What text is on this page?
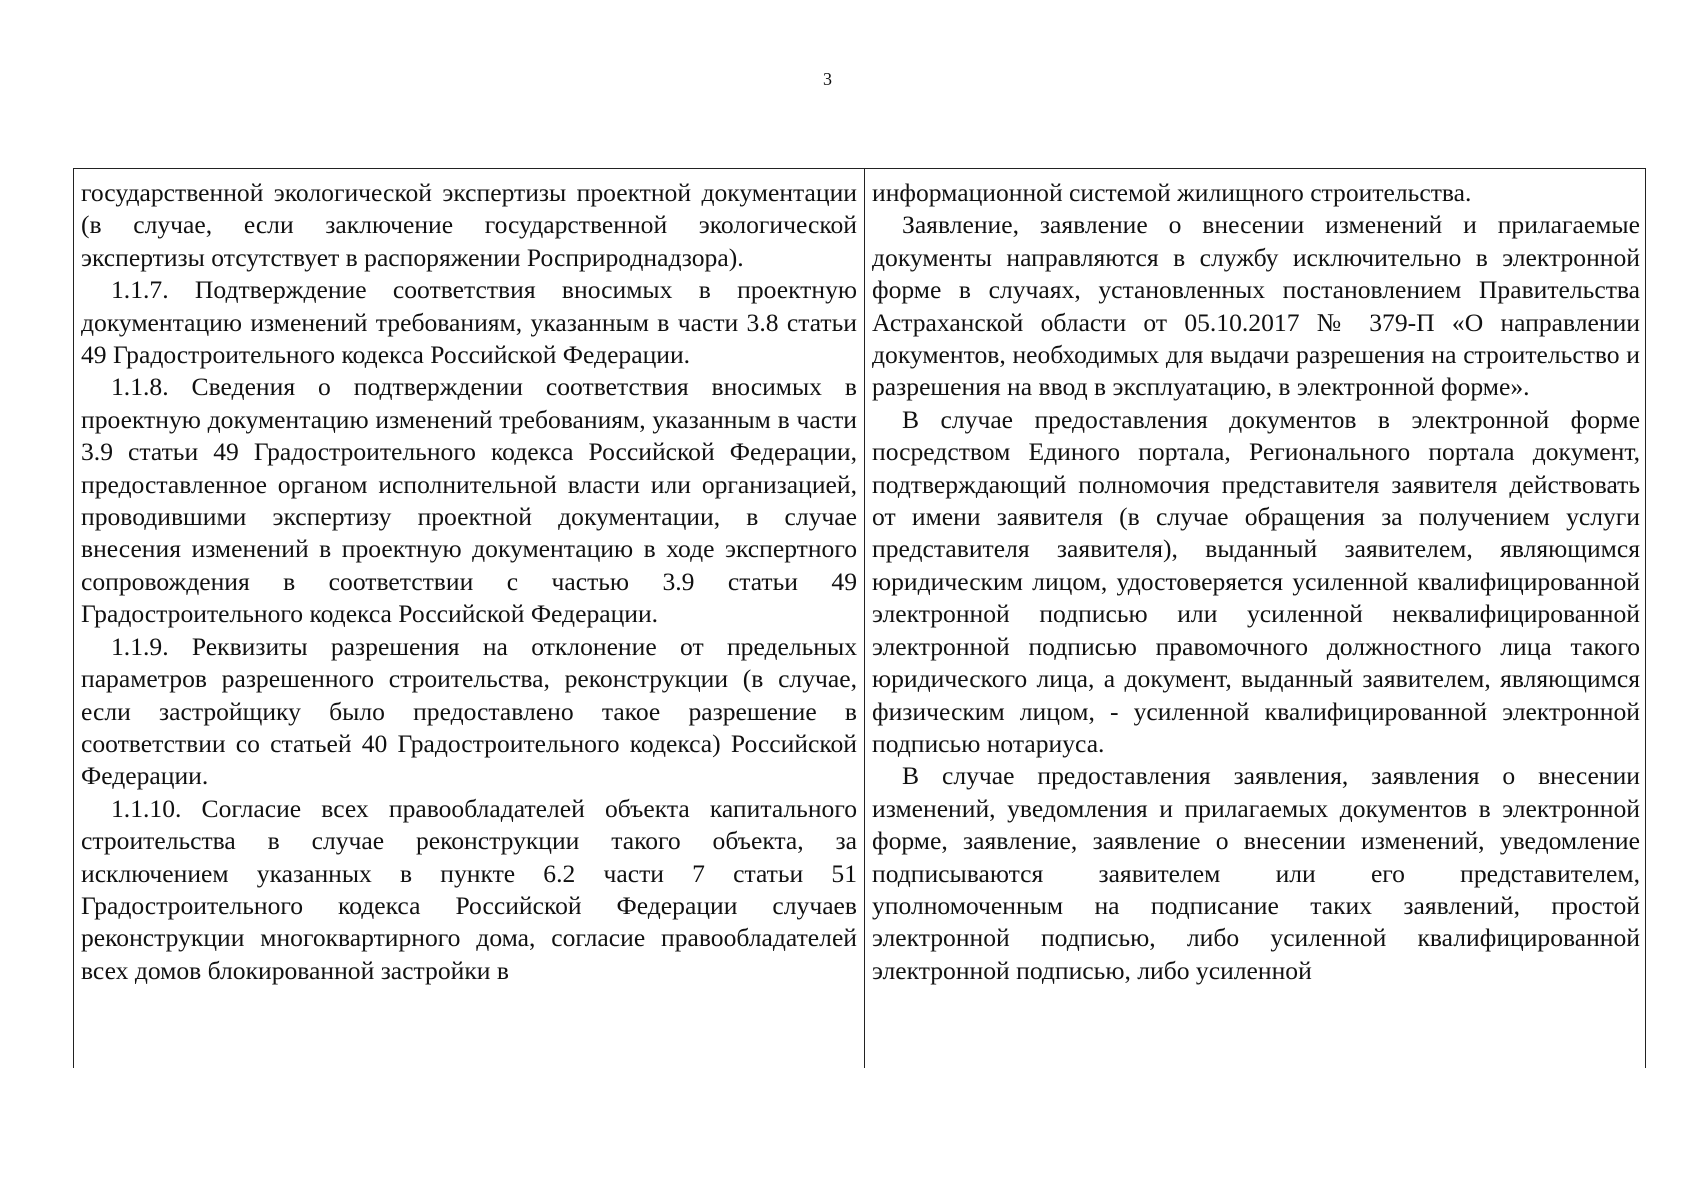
3

государственной экологической экспертизы проектной документации (в случае, если заключение государственной экологической экспертизы отсутствует в распоряжении Росприроднадзора).

1.1.7. Подтверждение соответствия вносимых в проектную документацию изменений требованиям, указанным в части 3.8 статьи 49 Градостроительного кодекса Российской Федерации.

1.1.8. Сведения о подтверждении соответствия вносимых в проектную документацию изменений требованиям, указанным в части 3.9 статьи 49 Градостроительного кодекса Российской Федерации, предоставленное органом исполнительной власти или организацией, проводившими экспертизу проектной документации, в случае внесения изменений в проектную документацию в ходе экспертного сопровождения в соответствии с частью 3.9 статьи 49 Градостроительного кодекса Российской Федерации.

1.1.9. Реквизиты разрешения на отклонение от предельных параметров разрешенного строительства, реконструкции (в случае, если застройщику было предоставлено такое разрешение в соответствии со статьей 40 Градостроительного кодекса) Российской Федерации.

1.1.10. Согласие всех правообладателей объекта капитального строительства в случае реконструкции такого объекта, за исключением указанных в пункте 6.2 части 7 статьи 51 Градостроительного кодекса Российской Федерации случаев реконструкции многоквартирного дома, согласие правообладателей всех домов блокированной застройки в

информационной системой жилищного строительства.

Заявление, заявление о внесении изменений и прилагаемые документы направляются в службу исключительно в электронной форме в случаях, установленных постановлением Правительства Астраханской области от 05.10.2017 № 379-П «О направлении документов, необходимых для выдачи разрешения на строительство и разрешения на ввод в эксплуатацию, в электронной форме».

В случае предоставления документов в электронной форме посредством Единого портала, Регионального портала документ, подтверждающий полномочия представителя заявителя действовать от имени заявителя (в случае обращения за получением услуги представителя заявителя), выданный заявителем, являющимся юридическим лицом, удостоверяется усиленной квалифицированной электронной подписью или усиленной неквалифицированной электронной подписью правомочного должностного лица такого юридического лица, а документ, выданный заявителем, являющимся физическим лицом, - усиленной квалифицированной электронной подписью нотариуса.

В случае предоставления заявления, заявления о внесении изменений, уведомления и прилагаемых документов в электронной форме, заявление, заявление о внесении изменений, уведомление подписываются заявителем или его представителем, уполномоченным на подписание таких заявлений, простой электронной подписью, либо усиленной квалифицированной электронной подписью, либо усиленной
